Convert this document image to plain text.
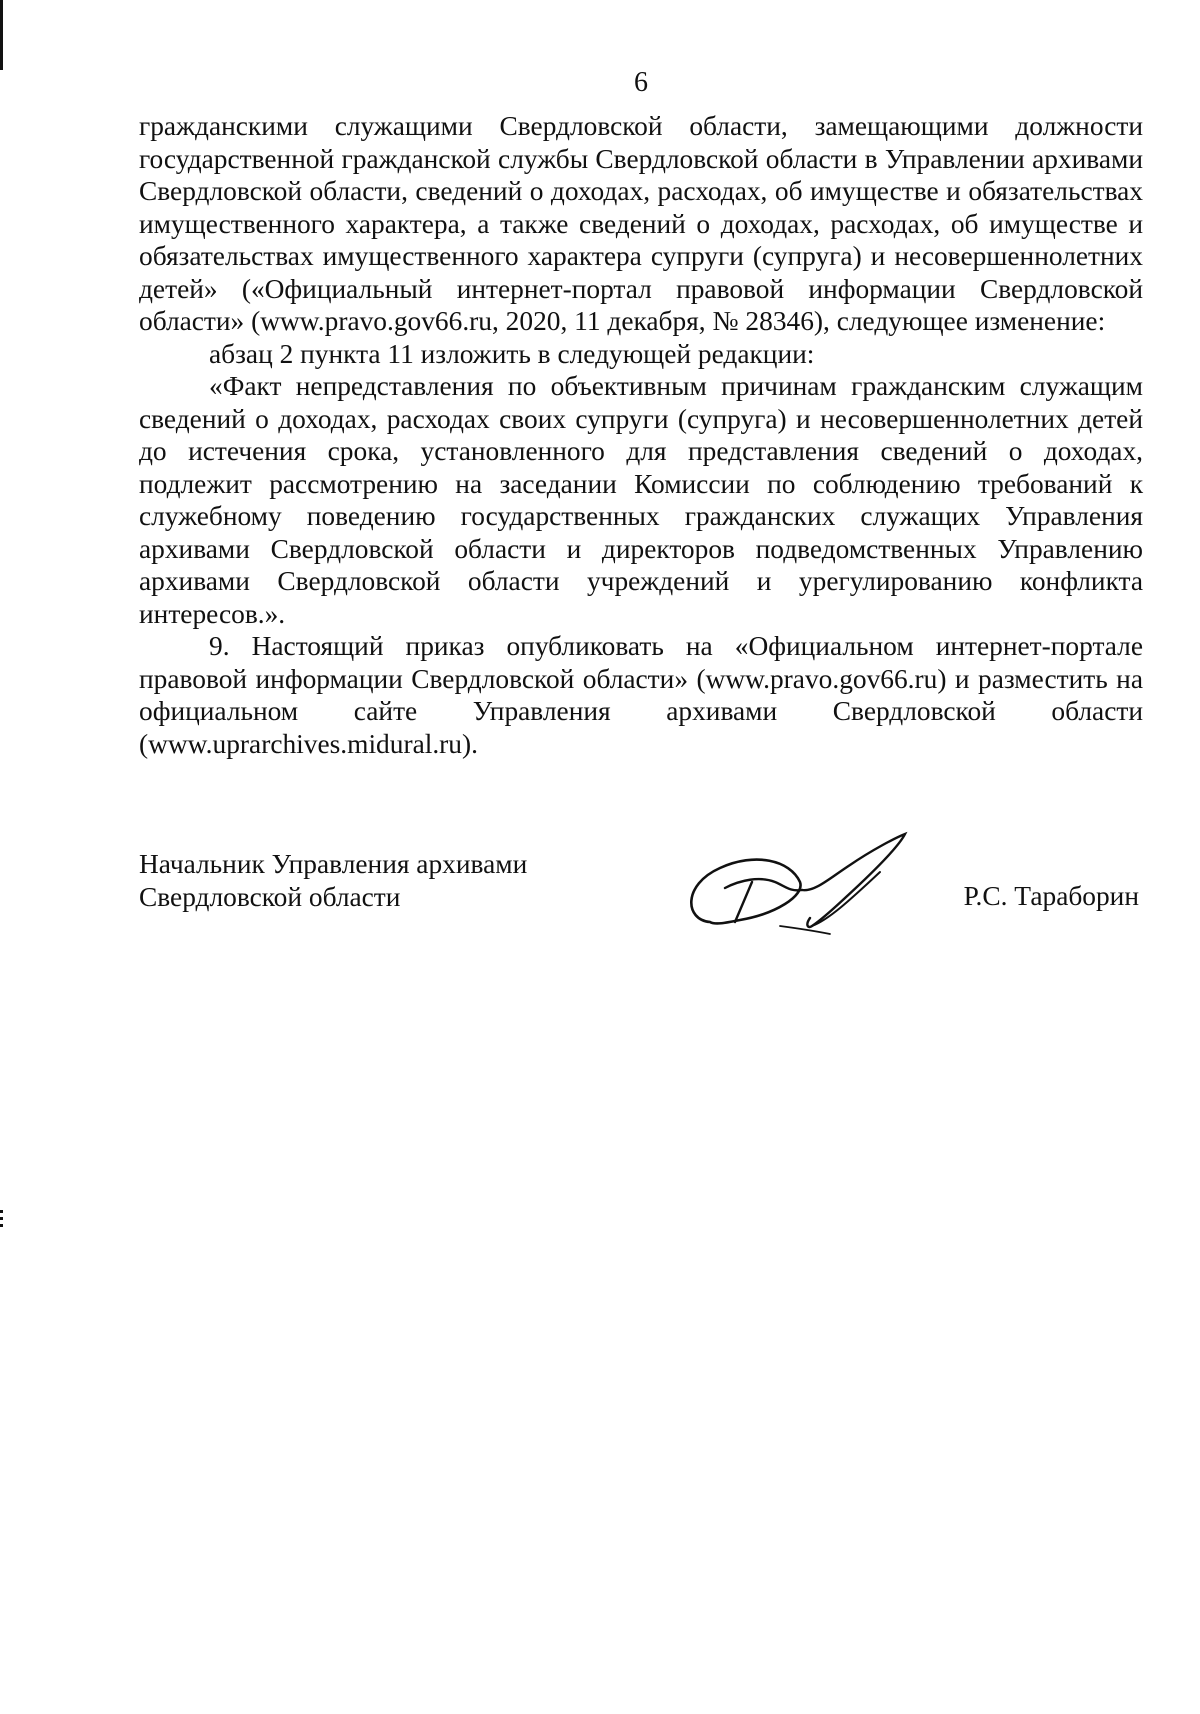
6

гражданскими служащими Свердловской области, замещающими должности государственной гражданской службы Свердловской области в Управлении архивами Свердловской области, сведений о доходах, расходах, об имуществе и обязательствах имущественного характера, а также сведений о доходах, расходах, об имуществе и обязательствах имущественного характера супруги (супруга) и несовершеннолетних детей» («Официальный интернет-портал правовой информации Свердловской области» (www.pravo.gov66.ru, 2020, 11 декабря, № 28346), следующее изменение:

абзац 2 пункта 11 изложить в следующей редакции:

«Факт непредставления по объективным причинам гражданским служащим сведений о доходах, расходах своих супруги (супруга) и несовершеннолетних детей до истечения срока, установленного для представления сведений о доходах, подлежит рассмотрению на заседании Комиссии по соблюдению требований к служебному поведению государственных гражданских служащих Управления архивами Свердловской области и директоров подведомственных Управлению архивами Свердловской области учреждений и урегулированию конфликта интересов.».

9. Настоящий приказ опубликовать на «Официальном интернет-портале правовой информации Свердловской области» (www.pravo.gov66.ru) и разместить на официальном сайте Управления архивами Свердловской области (www.uprarchives.midural.ru).

Начальник Управления архивами
Свердловской области	Р.С. Тараборин
